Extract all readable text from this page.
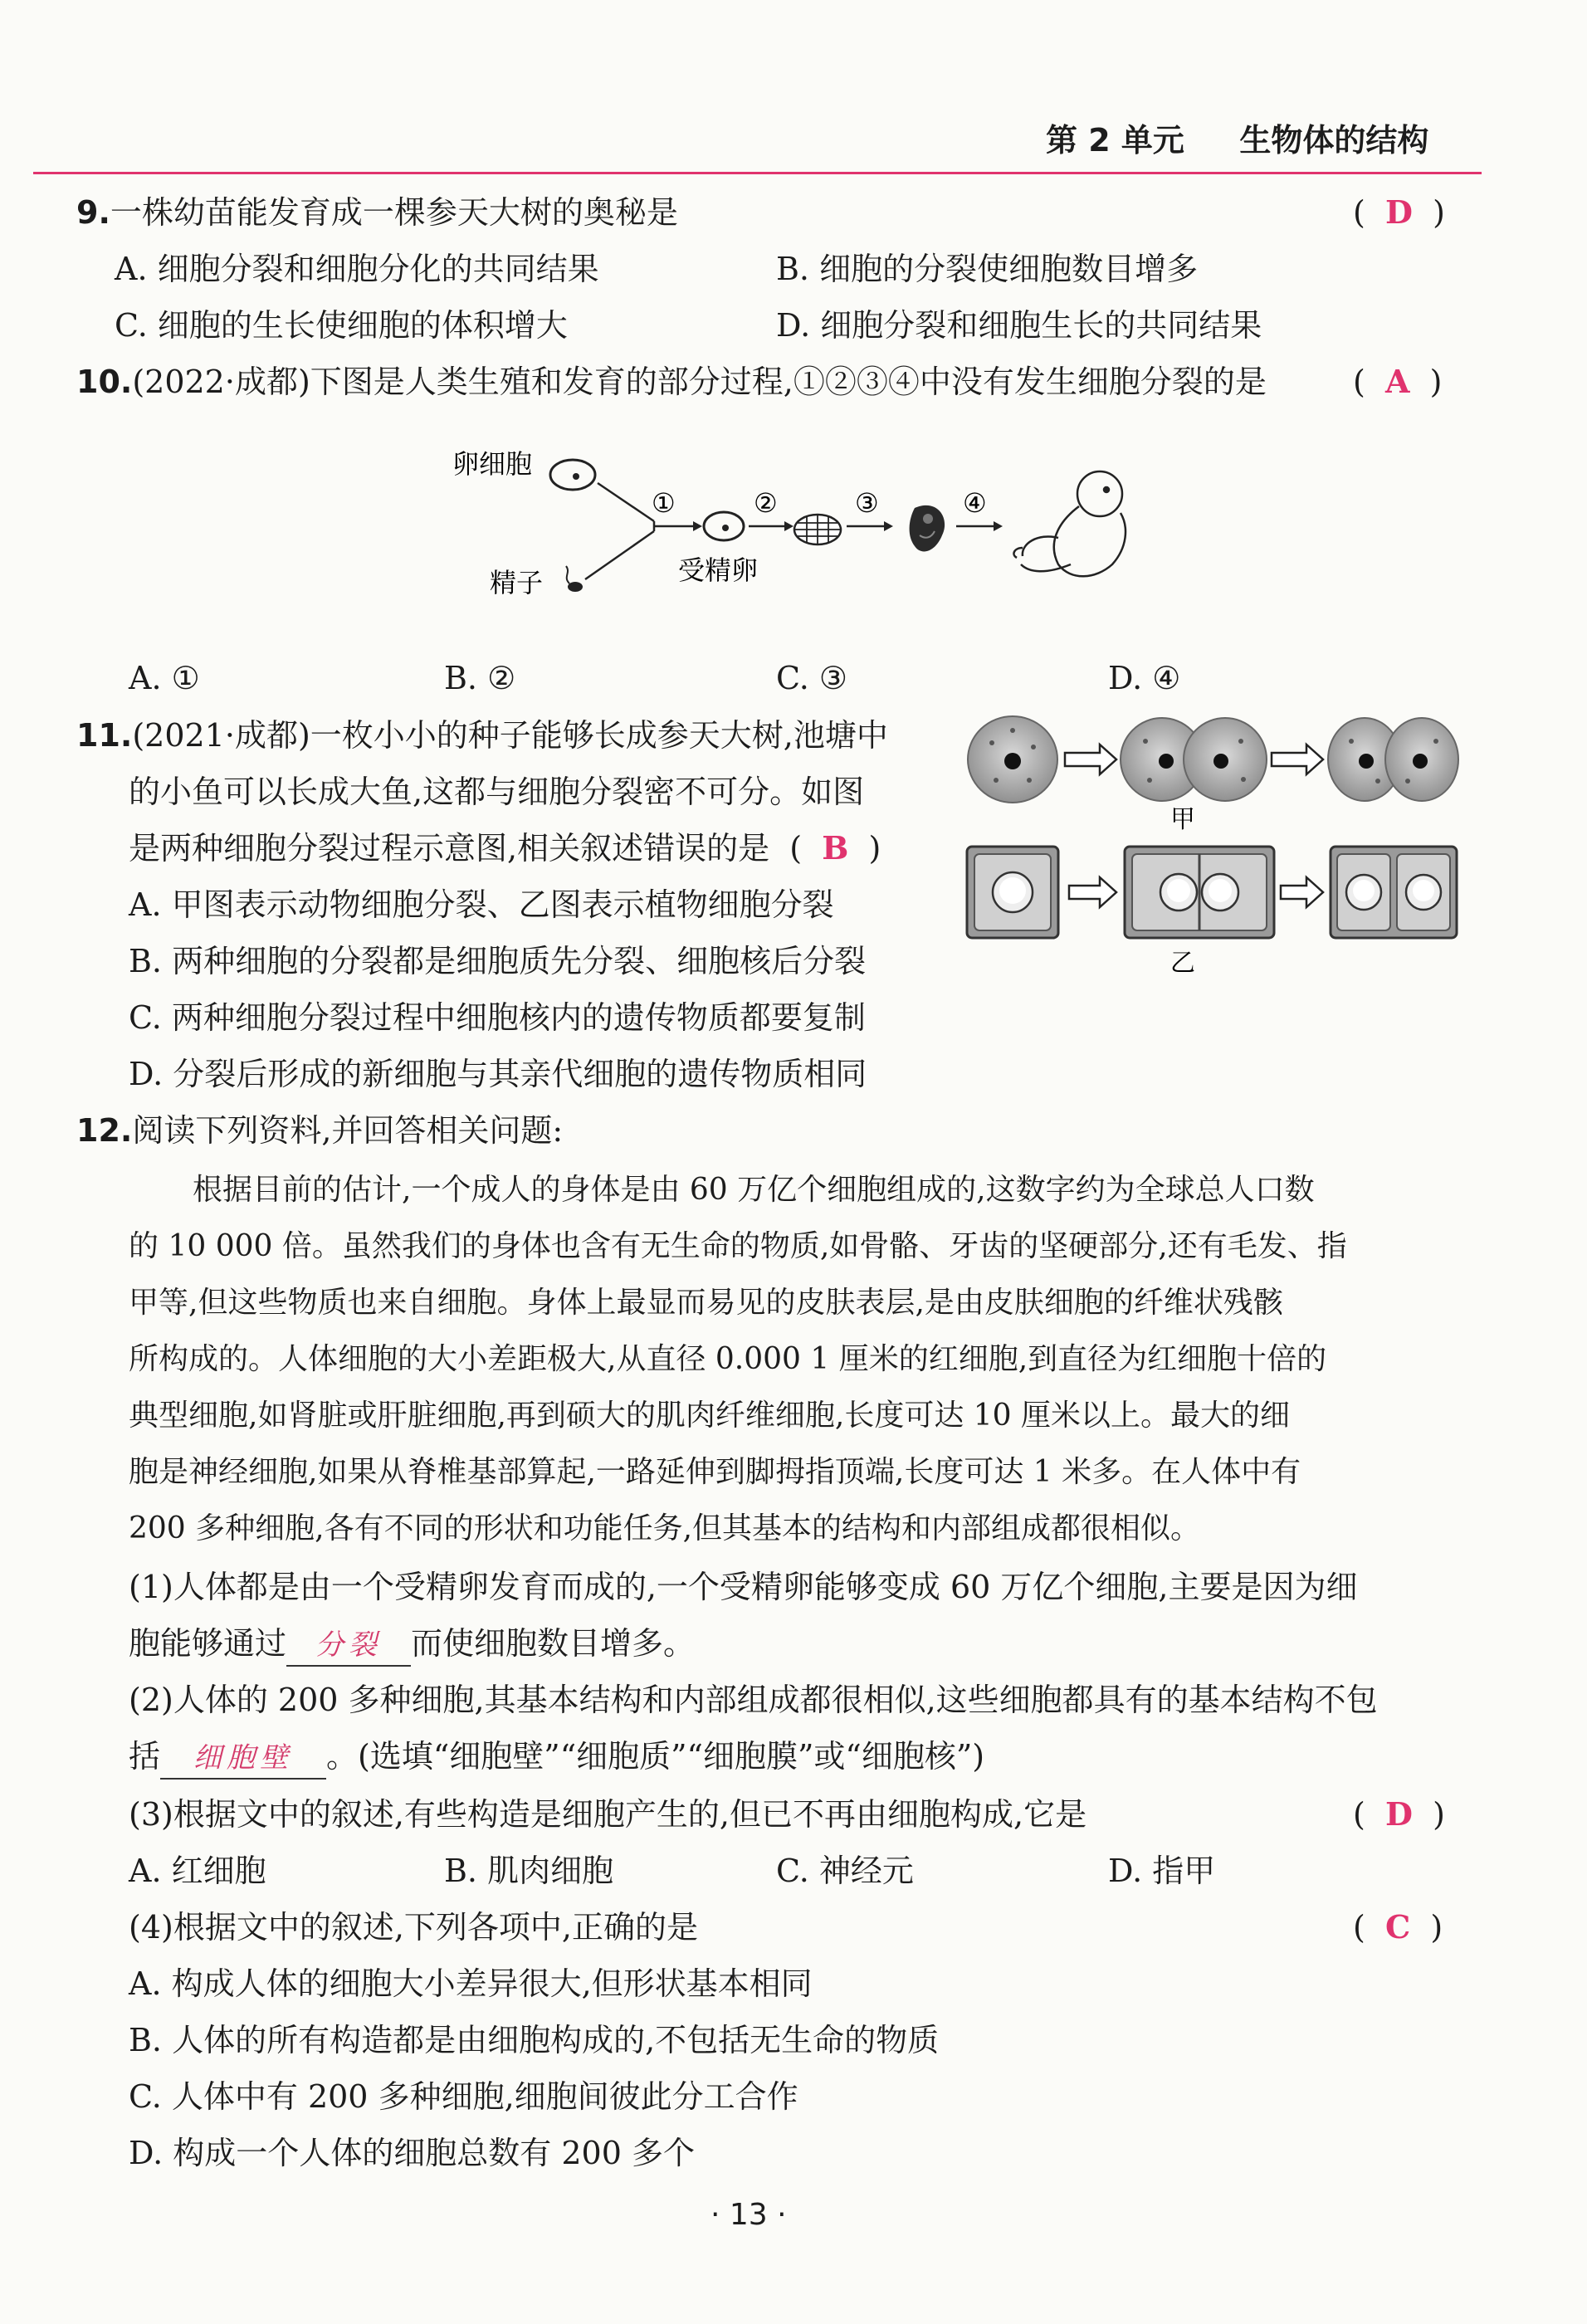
第 2 单元 生物体的结构
9.一株幼苗能发育成一棵参天大树的奥秘是	(  D  )
A. 细胞分裂和细胞分化的共同结果	B. 细胞的分裂使细胞数目增多
C. 细胞的生长使细胞的体积增大	D. 细胞分裂和细胞生长的共同结果
10.(2022·成都)下图是人类生殖和发育的部分过程,①②③④中没有发生细胞分裂的是	(  A  )
卵细胞
精子
①
受精卵
②	③	④
A. ①	B. ②	C. ③	D. ④
11.(2021·成都)一枚小小的种子能够长成参天大树,池塘中
的小鱼可以长成大鱼,这都与细胞分裂密不可分。如图
是两种细胞分裂过程示意图,相关叙述错误的是  (  B  )
A. 甲图表示动物细胞分裂、乙图表示植物细胞分裂
B. 两种细胞的分裂都是细胞质先分裂、细胞核后分裂
C. 两种细胞分裂过程中细胞核内的遗传物质都要复制
D. 分裂后形成的新细胞与其亲代细胞的遗传物质相同
甲
乙
12.阅读下列资料,并回答相关问题:
根据目前的估计,一个成人的身体是由 60 万亿个细胞组成的,这数字约为全球总人口数
的 10 000 倍。虽然我们的身体也含有无生命的物质,如骨骼、牙齿的坚硬部分,还有毛发、指
甲等,但这些物质也来自细胞。身体上最显而易见的皮肤表层,是由皮肤细胞的纤维状残骸
所构成的。人体细胞的大小差距极大,从直径 0.000 1 厘米的红细胞,到直径为红细胞十倍的
典型细胞,如肾脏或肝脏细胞,再到硕大的肌肉纤维细胞,长度可达 10 厘米以上。最大的细
胞是神经细胞,如果从脊椎基部算起,一路延伸到脚拇指顶端,长度可达 1 米多。在人体中有
200 多种细胞,各有不同的形状和功能任务,但其基本的结构和内部组成都很相似。
(1)人体都是由一个受精卵发育而成的,一个受精卵能够变成 60 万亿个细胞,主要是因为细
胞能够通过 分裂 而使细胞数目增多。
(2)人体的 200 多种细胞,其基本结构和内部组成都很相似,这些细胞都具有的基本结构不包
括 细胞壁 。(选填“细胞壁”“细胞质”“细胞膜”或“细胞核”)
(3)根据文中的叙述,有些构造是细胞产生的,但已不再由细胞构成,它是	(  D  )
A. 红细胞	B. 肌肉细胞	C. 神经元	D. 指甲
(4)根据文中的叙述,下列各项中,正确的是	(  C  )
A. 构成人体的细胞大小差异很大,但形状基本相同
B. 人体的所有构造都是由细胞构成的,不包括无生命的物质
C. 人体中有 200 多种细胞,细胞间彼此分工合作
D. 构成一个人体的细胞总数有 200 多个
· 13 ·
